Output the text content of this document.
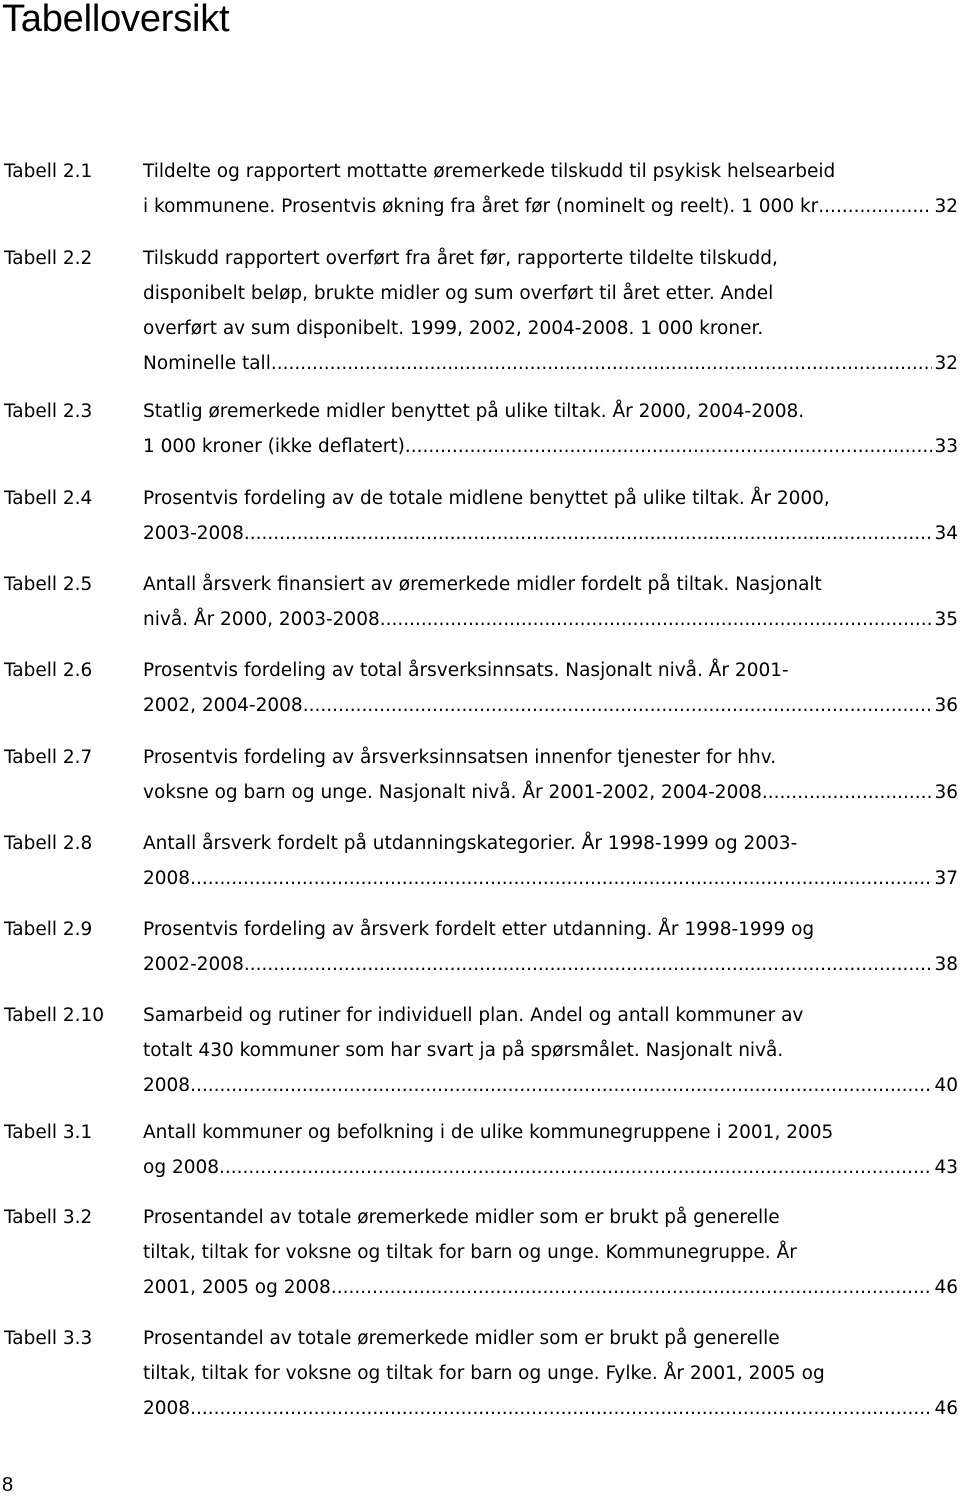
Tabelloversikt
Tabell 2.1	Tildelte og rapportert mottatte øremerkede tilskudd til psykisk helsearbeid
i kommunene. Prosentvis økning fra året før (nominelt og reelt). 1 000 kr .....	32
Tabell 2.2	Tilskudd rapportert overført fra året før, rapporterte tildelte tilskudd,
disponibelt beløp, brukte midler og sum overført til året etter. Andel
overført av sum disponibelt. 1999, 2002, 2004-2008. 1 000 kroner.
Nominelle tall .....	32
Tabell 2.3	Statlig øremerkede midler benyttet på ulike tiltak. År 2000, 2004-2008.
1 000 kroner (ikke deflatert) .....	33
Tabell 2.4	Prosentvis fordeling av de totale midlene benyttet på ulike tiltak. År 2000,
2003-2008 .....	34
Tabell 2.5	Antall årsverk finansiert av øremerkede midler fordelt på tiltak. Nasjonalt
nivå. År 2000, 2003-2008 .....	35
Tabell 2.6	Prosentvis fordeling av total årsverksinnsats. Nasjonalt nivå. År 2001-
2002, 2004-2008 .....	36
Tabell 2.7	Prosentvis fordeling av årsverksinnsatsen innenfor tjenester for hhv.
voksne og barn og unge. Nasjonalt nivå. År 2001-2002, 2004-2008 .....	36
Tabell 2.8	Antall årsverk fordelt på utdanningskategorier. År 1998-1999 og 2003-
2008 .....	37
Tabell 2.9	Prosentvis fordeling av årsverk fordelt etter utdanning. År 1998-1999 og
2002-2008 .....	38
Tabell 2.10 Samarbeid og rutiner for individuell plan. Andel og antall kommuner av
totalt 430 kommuner som har svart ja på spørsmålet. Nasjonalt nivå.
2008 .....	40
Tabell 3.1	Antall kommuner og befolkning i de ulike kommunegruppene i 2001, 2005
og 2008 .....	43
Tabell 3.2	Prosentandel av totale øremerkede midler som er brukt på generelle
tiltak, tiltak for voksne og tiltak for barn og unge. Kommunegruppe. År
2001, 2005 og 2008 .....	46
Tabell 3.3	Prosentandel av totale øremerkede midler som er brukt på generelle
tiltak, tiltak for voksne og tiltak for barn og unge. Fylke. År 2001, 2005 og
2008 .....	46
8
